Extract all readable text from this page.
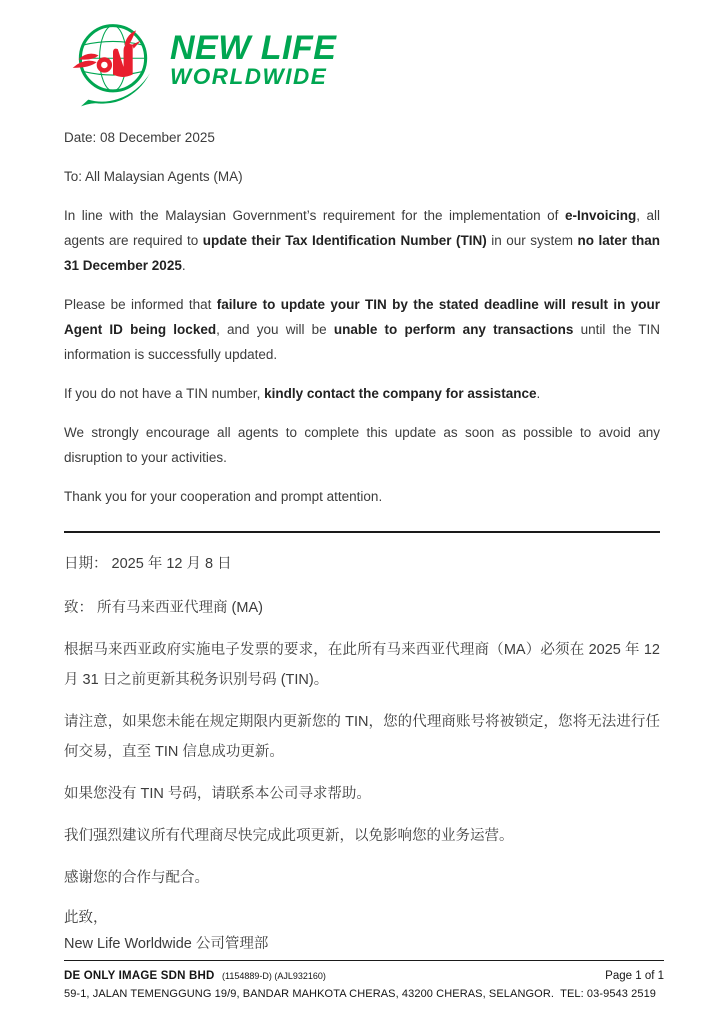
NEW LIFE
WORLDWIDE

Date: 08 December 2025

To: All Malaysian Agents (MA)

In line with the Malaysian Government’s requirement for the implementation of e-Invoicing, all agents are required to update their Tax Identification Number (TIN) in our system no later than 31 December 2025.

Please be informed that failure to update your TIN by the stated deadline will result in your Agent ID being locked, and you will be unable to perform any transactions until the TIN information is successfully updated.

If you do not have a TIN number, kindly contact the company for assistance.

We strongly encourage all agents to complete this update as soon as possible to avoid any disruption to your activities.

Thank you for your cooperation and prompt attention.

日期： 2025 年 12 月 8 日

致： 所有马来西亚代理商 (MA)

根据马来西亚政府实施电子发票的要求，在此所有马来西亚代理商（MA）必须在 2025 年 12 月 31 日之前更新其税务识别号码 (TIN)。

请注意，如果您未能在规定期限内更新您的 TIN，您的代理商账号将被锁定，您将无法进行任何交易，直至 TIN 信息成功更新。

如果您没有 TIN 号码，请联系本公司寻求帮助。

我们强烈建议所有代理商尽快完成此项更新，以免影响您的业务运营。

感谢您的合作与配合。

此致，
New Life Worldwide 公司管理部

DE ONLY IMAGE SDN BHD (1154889-D) (AJL932160)	Page 1 of 1
59-1, JALAN TEMENGGUNG 19/9, BANDAR MAHKOTA CHERAS, 43200 CHERAS, SELANGOR.  TEL: 03-9543 2519
